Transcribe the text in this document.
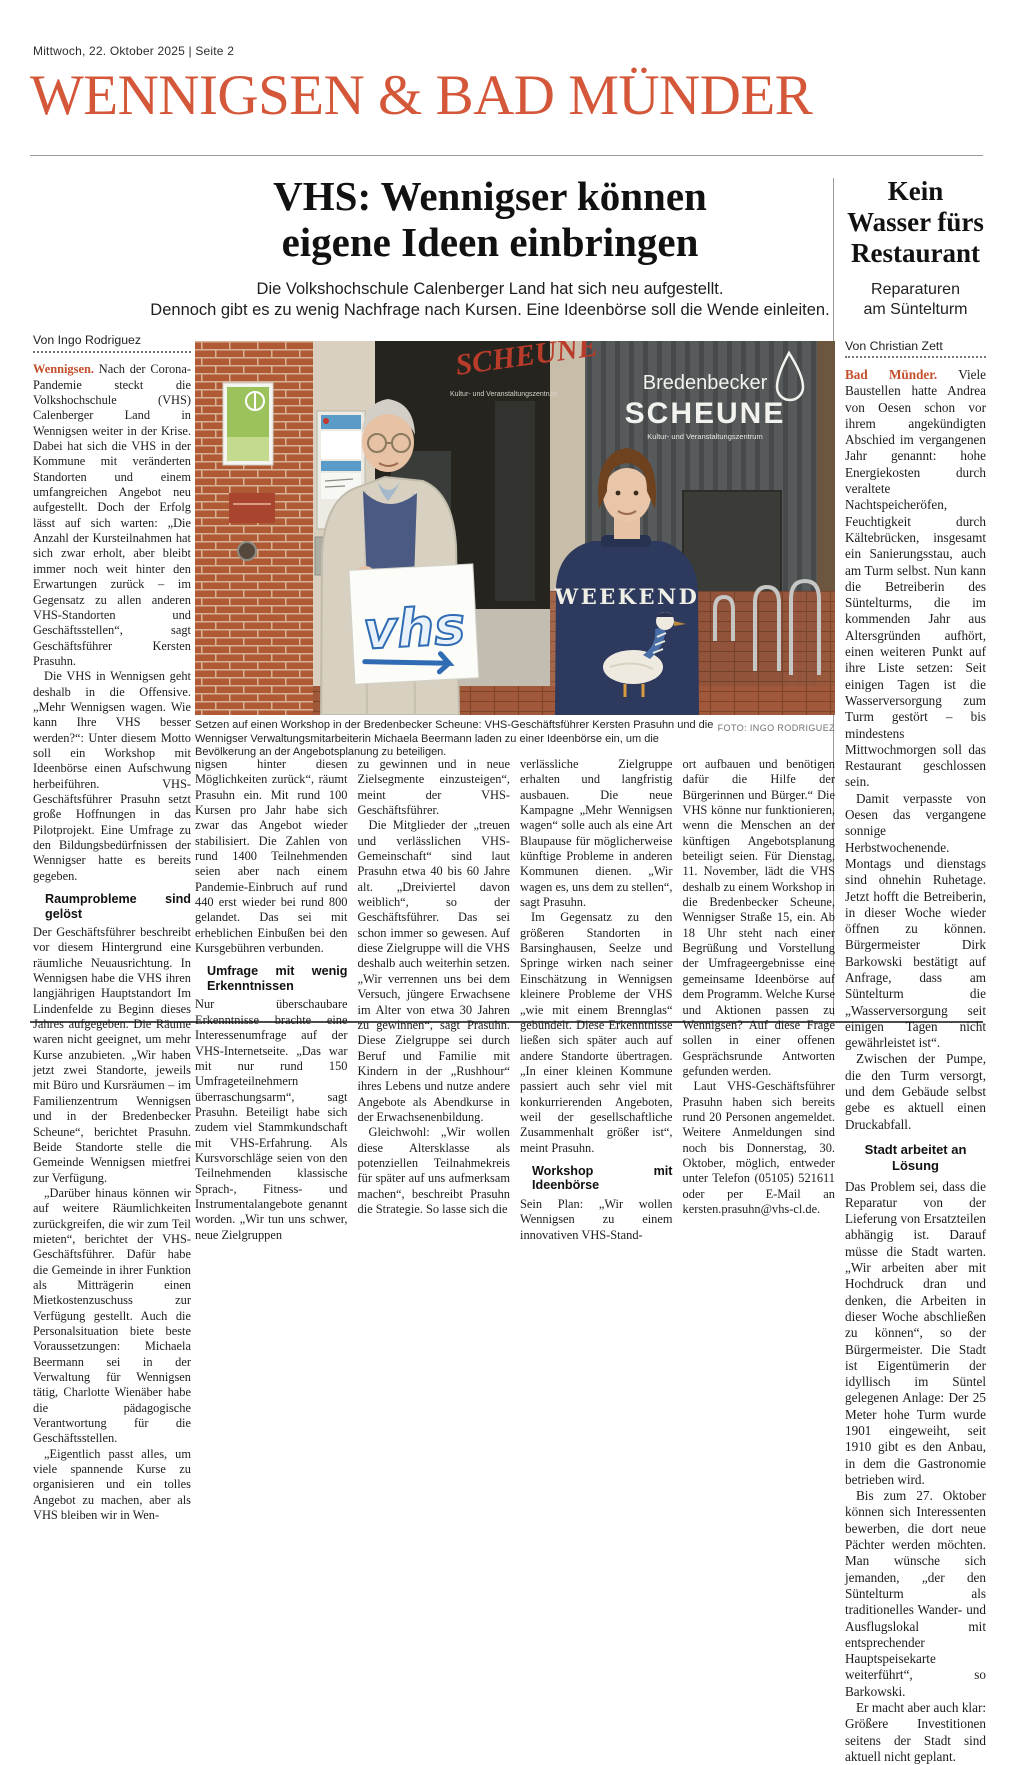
Mittwoch, 22. Oktober 2025 | Seite 2
WENNIGSEN & BAD MÜNDER
VHS: Wennigser können
eigene Ideen einbringen
Die Volkshochschule Calenberger Land hat sich neu aufgestellt.
Dennoch gibt es zu wenig Nachfrage nach Kursen. Eine Ideenbörse soll die Wende einleiten.
Von Ingo Rodriguez

Wennigsen. Nach der Corona-Pandemie steckt die Volkshochschule (VHS) Calenberger Land in Wennigsen weiter in der Krise. Dabei hat sich die VHS in der Kommune mit veränderten Standorten und einem umfangreichen Angebot neu aufgestellt. Doch der Erfolg lässt auf sich warten: „Die Anzahl der Kursteilnahmen hat sich zwar erholt, aber bleibt immer noch weit hinter den Erwartungen zurück – im Gegensatz zu allen anderen VHS-Standorten und Geschäftsstellen“, sagt Geschäftsführer Kersten Prasuhn.

Die VHS in Wennigsen geht deshalb in die Offensive. „Mehr Wennigsen wagen. Wie kann Ihre VHS besser werden?“: Unter diesem Motto soll ein Workshop mit Ideenbörse einen Aufschwung herbeiführen. VHS-Geschäftsführer Prasuhn setzt große Hoffnungen in das Pilotprojekt. Eine Umfrage zu den Bildungsbedürfnissen der Wennigser hatte es bereits gegeben.

Raumprobleme sind gelöst

Der Geschäftsführer beschreibt vor diesem Hintergrund eine räumliche Neuausrichtung. In Wennigsen habe die VHS ihren langjährigen Hauptstandort Im Lindenfelde zu Beginn dieses Jahres aufgegeben. Die Räume waren nicht geeignet, um mehr Kurse anzubieten. „Wir haben jetzt zwei Standorte, jeweils mit Büro und Kursräumen – im Familienzentrum Wennigsen und in der Bredenbecker Scheune“, berichtet Prasuhn. Beide Standorte stelle die Gemeinde Wennigsen mietfrei zur Verfügung.

„Darüber hinaus können wir auf weitere Räumlichkeiten zurückgreifen, die wir zum Teil mieten“, berichtet der VHS-Geschäftsführer. Dafür habe die Gemeinde in ihrer Funktion als Mitträgerin einen Mietkostenzuschuss zur Verfügung gestellt. Auch die Personalsituation biete beste Voraussetzungen: Michaela Beermann sei in der Verwaltung für Wennigsen tätig, Charlotte Wienäber habe die pädagogische Verantwortung für die Geschäftsstellen.

„Eigentlich passt alles, um viele spannende Kurse zu organisieren und ein tolles Angebot zu machen, aber als VHS bleiben wir in Wen-

SCHEUNE
Kultur- und Veranstaltungszentrum
Bredenbecker
SCHEUNE
Kultur- und Veranstaltungszentrum
vhs	WEEKEND
FOTO: INGO RODRIGUEZ
Setzen auf einen Workshop in der Bredenbecker Scheune: VHS-Geschäftsführer Kersten Prasuhn und die Wennigser Verwaltungsmitarbeiterin Michaela Beermann laden zu einer Ideenbörse ein, um die Bevölkerung an der Angebotsplanung zu beteiligen.

nigsen hinter diesen Möglichkeiten zurück“, räumt Prasuhn ein. Mit rund 100 Kursen pro Jahr habe sich zwar das Angebot wieder stabilisiert. Die Zahlen von rund 1400 Teilnehmenden seien aber nach einem Pandemie-Einbruch auf rund 440 erst wieder bei rund 800 gelandet. Das sei mit erheblichen Einbußen bei den Kursgebühren verbunden.

Umfrage mit wenig Erkenntnissen

Nur überschaubare Erkenntnisse brachte eine Interessenumfrage auf der VHS-Internetseite. „Das war mit nur rund 150 Umfrageteilnehmern überraschungsarm“, sagt Prasuhn. Beteiligt habe sich zudem viel Stammkundschaft mit VHS-Erfahrung. Als Kursvorschläge seien von den Teilnehmenden klassische Sprach-, Fitness- und Instrumentalangebote genannt worden. „Wir tun uns schwer, neue Zielgruppen

zu gewinnen und in neue Zielsegmente einzusteigen“, meint der VHS-Geschäftsführer.

Die Mitglieder der „treuen und verlässlichen VHS-Gemeinschaft“ sind laut Prasuhn etwa 40 bis 60 Jahre alt. „Dreiviertel davon weiblich“, so der Geschäftsführer. Das sei schon immer so gewesen. Auf diese Zielgruppe will die VHS deshalb auch weiterhin setzen. „Wir verrennen uns bei dem Versuch, jüngere Erwachsene im Alter von etwa 30 Jahren zu gewinnen“, sagt Prasuhn. Diese Zielgruppe sei durch Beruf und Familie mit Kindern in der „Rushhour“ ihres Lebens und nutze andere Angebote als Abendkurse in der Erwachsenenbildung.

Gleichwohl: „Wir wollen diese Altersklasse als potenziellen Teilnahmekreis für später auf uns aufmerksam machen“, beschreibt Prasuhn die Strategie. So lasse sich die

verlässliche Zielgruppe erhalten und langfristig ausbauen. Die neue Kampagne „Mehr Wennigsen wagen“ solle auch als eine Art Blaupause für möglicherweise künftige Probleme in anderen Kommunen dienen. „Wir wagen es, uns dem zu stellen“, sagt Prasuhn.

Im Gegensatz zu den größeren Standorten in Barsinghausen, Seelze und Springe wirken nach seiner Einschätzung in Wennigsen kleinere Probleme der VHS „wie mit einem Brennglas“ gebündelt. Diese Erkenntnisse ließen sich später auch auf andere Standorte übertragen. „In einer kleinen Kommune passiert auch sehr viel mit konkurrierenden Angeboten, weil der gesellschaftliche Zusammenhalt größer ist“, meint Prasuhn.

Workshop mit Ideenbörse

Sein Plan: „Wir wollen Wennigsen zu einem innovativen VHS-Stand-

ort aufbauen und benötigen dafür die Hilfe der Bürgerinnen und Bürger.“ Die VHS könne nur funktionieren, wenn die Menschen an der künftigen Angebotsplanung beteiligt seien. Für Dienstag, 11. November, lädt die VHS deshalb zu einem Workshop in die Bredenbecker Scheune, Wennigser Straße 15, ein. Ab 18 Uhr steht nach einer Begrüßung und Vorstellung der Umfrageergebnisse eine gemeinsame Ideenbörse auf dem Programm. Welche Kurse und Aktionen passen zu Wennigsen? Auf diese Frage sollen in einer offenen Gesprächsrunde Antworten gefunden werden.

Laut VHS-Geschäftsführer Prasuhn haben sich bereits rund 20 Personen angemeldet. Weitere Anmeldungen sind noch bis Donnerstag, 30. Oktober, möglich, entweder unter Telefon (05105) 521611 oder per E-Mail an kersten.prasuhn@vhs-cl.de.

Kein
Wasser fürs
Restaurant
Reparaturen
am Süntelturm
Von Christian Zett

Bad Münder. Viele Baustellen hatte Andrea von Oesen schon vor ihrem angekündigten Abschied im vergangenen Jahr genannt: hohe Energiekosten durch veraltete Nachtspeicheröfen, Feuchtigkeit durch Kältebrücken, insgesamt ein Sanierungsstau, auch am Turm selbst. Nun kann die Betreiberin des Süntelturms, die im kommenden Jahr aus Altersgründen aufhört, einen weiteren Punkt auf ihre Liste setzen: Seit einigen Tagen ist die Wasserversorgung zum Turm gestört – bis mindestens Mittwochmorgen soll das Restaurant geschlossen sein.

Damit verpasste von Oesen das vergangene sonnige Herbstwochenende. Montags und dienstags sind ohnehin Ruhetage. Jetzt hofft die Betreiberin, in dieser Woche wieder öffnen zu können. Bürgermeister Dirk Barkowski bestätigt auf Anfrage, dass am Süntelturm die „Wasserversorgung seit einigen Tagen nicht gewährleistet ist“.

Zwischen der Pumpe, die den Turm versorgt, und dem Gebäude selbst gebe es aktuell einen Druckabfall.

Stadt arbeitet an Lösung

Das Problem sei, dass die Reparatur von der Lieferung von Ersatzteilen abhängig ist. Darauf müsse die Stadt warten. „Wir arbeiten aber mit Hochdruck dran und denken, die Arbeiten in dieser Woche abschließen zu können“, so der Bürgermeister. Die Stadt ist Eigentümerin der idyllisch im Süntel gelegenen Anlage: Der 25 Meter hohe Turm wurde 1901 eingeweiht, seit 1910 gibt es den Anbau, in dem die Gastronomie betrieben wird.

Bis zum 27. Oktober können sich Interessenten bewerben, die dort neue Pächter werden möchten. Man wünsche sich jemanden, „der den Süntelturm als traditionelles Wander- und Ausflugslokal mit entsprechender Hauptspeisekarte weiterführt“, so Barkowski.

Er macht aber auch klar: Größere Investitionen seitens der Stadt sind aktuell nicht geplant.
